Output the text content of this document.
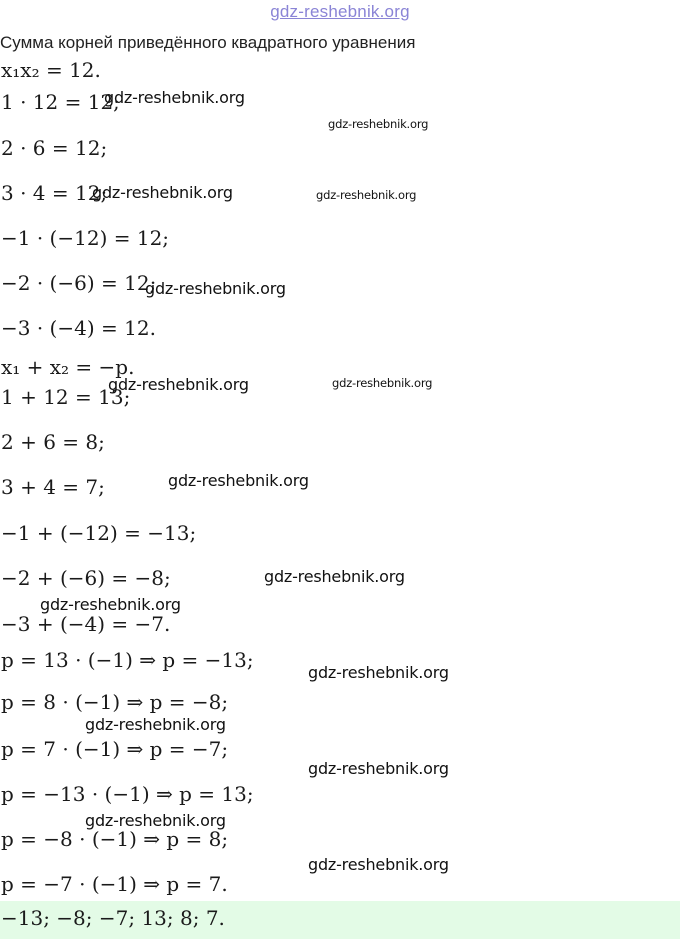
gdz-reshebnik.org
Сумма корней приведённого квадратного уравнения
x₁x₂ = 12.
1 · 12 = 12;
2 · 6 = 12;
3 · 4 = 12;
−1 · (−12) = 12;
−2 · (−6) = 12;
−3 · (−4) = 12.
x₁ + x₂ = −p.
1 + 12 = 13;
2 + 6 = 8;
3 + 4 = 7;
−1 + (−12) = −13;
−2 + (−6) = −8;
−3 + (−4) = −7.
p = 13 · (−1) ⇒ p = −13;
p = 8 · (−1) ⇒ p = −8;
p = 7 · (−1) ⇒ p = −7;
p = −13 · (−1) ⇒ p = 13;
p = −8 · (−1) ⇒ p = 8;
p = −7 · (−1) ⇒ p = 7.
−13; −8; −7; 13; 8; 7.
gdz-reshebnik.org
gdz-reshebnik.org
gdz-reshebnik.org	gdz-reshebnik.org
gdz-reshebnik.org
gdz-reshebnik.org	gdz-reshebnik.org
gdz-reshebnik.org
gdz-reshebnik.org
gdz-reshebnik.org
gdz-reshebnik.org
gdz-reshebnik.org
gdz-reshebnik.org
gdz-reshebnik.org
gdz-reshebnik.org
